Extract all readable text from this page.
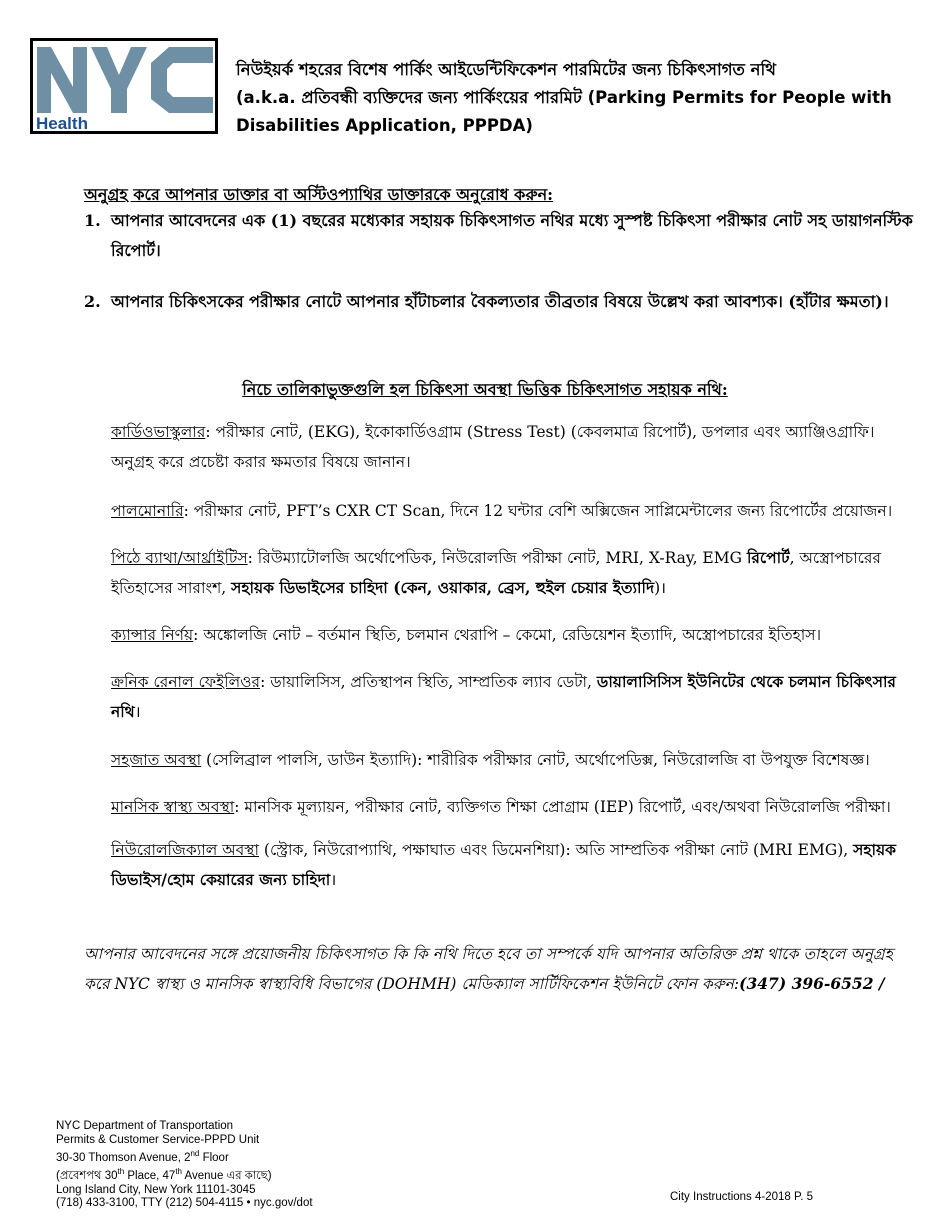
Health
নিউইয়র্ক শহরের বিশেষ পার্কিং আইডেন্টিফিকেশন পারমিটের জন্য চিকিৎসাগত নথি
(a.k.a. প্রতিবন্ধী ব্যক্তিদের জন্য পার্কিংয়ের পারমিট (Parking Permits for People with
Disabilities Application, PPPDA)
অনুগ্রহ করে আপনার ডাক্তার বা অস্টিওপ্যাথির ডাক্তারকে অনুরোধ করুন:
1. আপনার আবেদনের এক (1) বছরের মধ্যেকার সহায়ক চিকিৎসাগত নথির মধ্যে সুস্পষ্ট চিকিৎসা পরীক্ষার নোট সহ ডায়াগনস্টিক রিপোর্ট।
2. আপনার চিকিৎসকের পরীক্ষার নোটে আপনার হাঁটাচলার বৈকল্যতার তীব্রতার বিষয়ে উল্লেখ করা আবশ্যক। (হাঁটার ক্ষমতা)।
নিচে তালিকাভুক্তগুলি হল চিকিৎসা অবস্থা ভিত্তিক চিকিৎসাগত সহায়ক নথি:
কার্ডিওভাস্কুলার: পরীক্ষার নোট, (EKG), ইকোকার্ডিওগ্রাম (Stress Test) (কেবলমাত্র রিপোর্ট), ডপলার এবং অ্যাঞ্জিওগ্রাফি। অনুগ্রহ করে প্রচেষ্টা করার ক্ষমতার বিষয়ে জানান।
পালমোনারি: পরীক্ষার নোট, PFT’s CXR CT Scan, দিনে 12 ঘন্টার বেশি অক্সিজেন সাপ্লিমেন্টালের জন্য রিপোর্টের প্রয়োজন।
পিঠে ব্যাথা/আর্থ্রাইটিস: রিউম্যাটোলজি অর্থোপেডিক, নিউরোলজি পরীক্ষা নোট, MRI, X-Ray, EMG রিপোর্ট, অস্ত্রোপচারের ইতিহাসের সারাংশ, সহায়ক ডিভাইসের চাহিদা (কেন, ওয়াকার, ব্রেস, হুইল চেয়ার ইত্যাদি)।
ক্যান্সার নির্ণয়: অঙ্কোলজি নোট – বর্তমান স্থিতি, চলমান থেরাপি – কেমো, রেডিয়েশন ইত্যাদি, অস্ত্রোপচারের ইতিহাস।
ক্রনিক রেনাল ফেইলিওর: ডায়ালিসিস, প্রতিস্থাপন স্থিতি, সাম্প্রতিক ল্যাব ডেটা, ডায়ালাসিসিস ইউনিটের থেকে চলমান চিকিৎসার নথি।
সহজাত অবস্থা (সেলিব্রাল পালসি, ডাউন ইত্যাদি): শারীরিক পরীক্ষার নোট, অর্থোপেডিক্স, নিউরোলজি বা উপযুক্ত বিশেষজ্ঞ।
মানসিক স্বাস্থ্য অবস্থা: মানসিক মূল্যায়ন, পরীক্ষার নোট, ব্যক্তিগত শিক্ষা প্রোগ্রাম (IEP) রিপোর্ট, এবং/অথবা নিউরোলজি পরীক্ষা।
নিউরোলজিক্যাল অবস্থা (স্ট্রোক, নিউরোপ্যাথি, পক্ষাঘাত এবং ডিমেনশিয়া): অতি সাম্প্রতিক পরীক্ষা নোট (MRI EMG), সহায়ক ডিভাইস/হোম কেয়ারের জন্য চাহিদা।
আপনার আবেদনের সঙ্গে প্রয়োজনীয় চিকিৎসাগত কি কি নথি দিতে হবে তা সম্পর্কে যদি আপনার অতিরিক্ত প্রশ্ন থাকে তাহলে অনুগ্রহ করে NYC স্বাস্থ্য ও মানসিক স্বাস্থ্যবিধি বিভাগের (DOHMH) মেডিক্যাল সার্টিফিকেশন ইউনিটে ফোন করুন:(347) 396-6552 /
NYC Department of Transportation
Permits & Customer Service-PPPD Unit
30-30 Thomson Avenue, 2nd Floor
(প্রবেশপথ 30th Place, 47th Avenue এর কাছে)
Long Island City, New York 11101-3045
(718) 433-3100, TTY (212) 504-4115 • nyc.gov/dot
City Instructions 4-2018 P. 5
